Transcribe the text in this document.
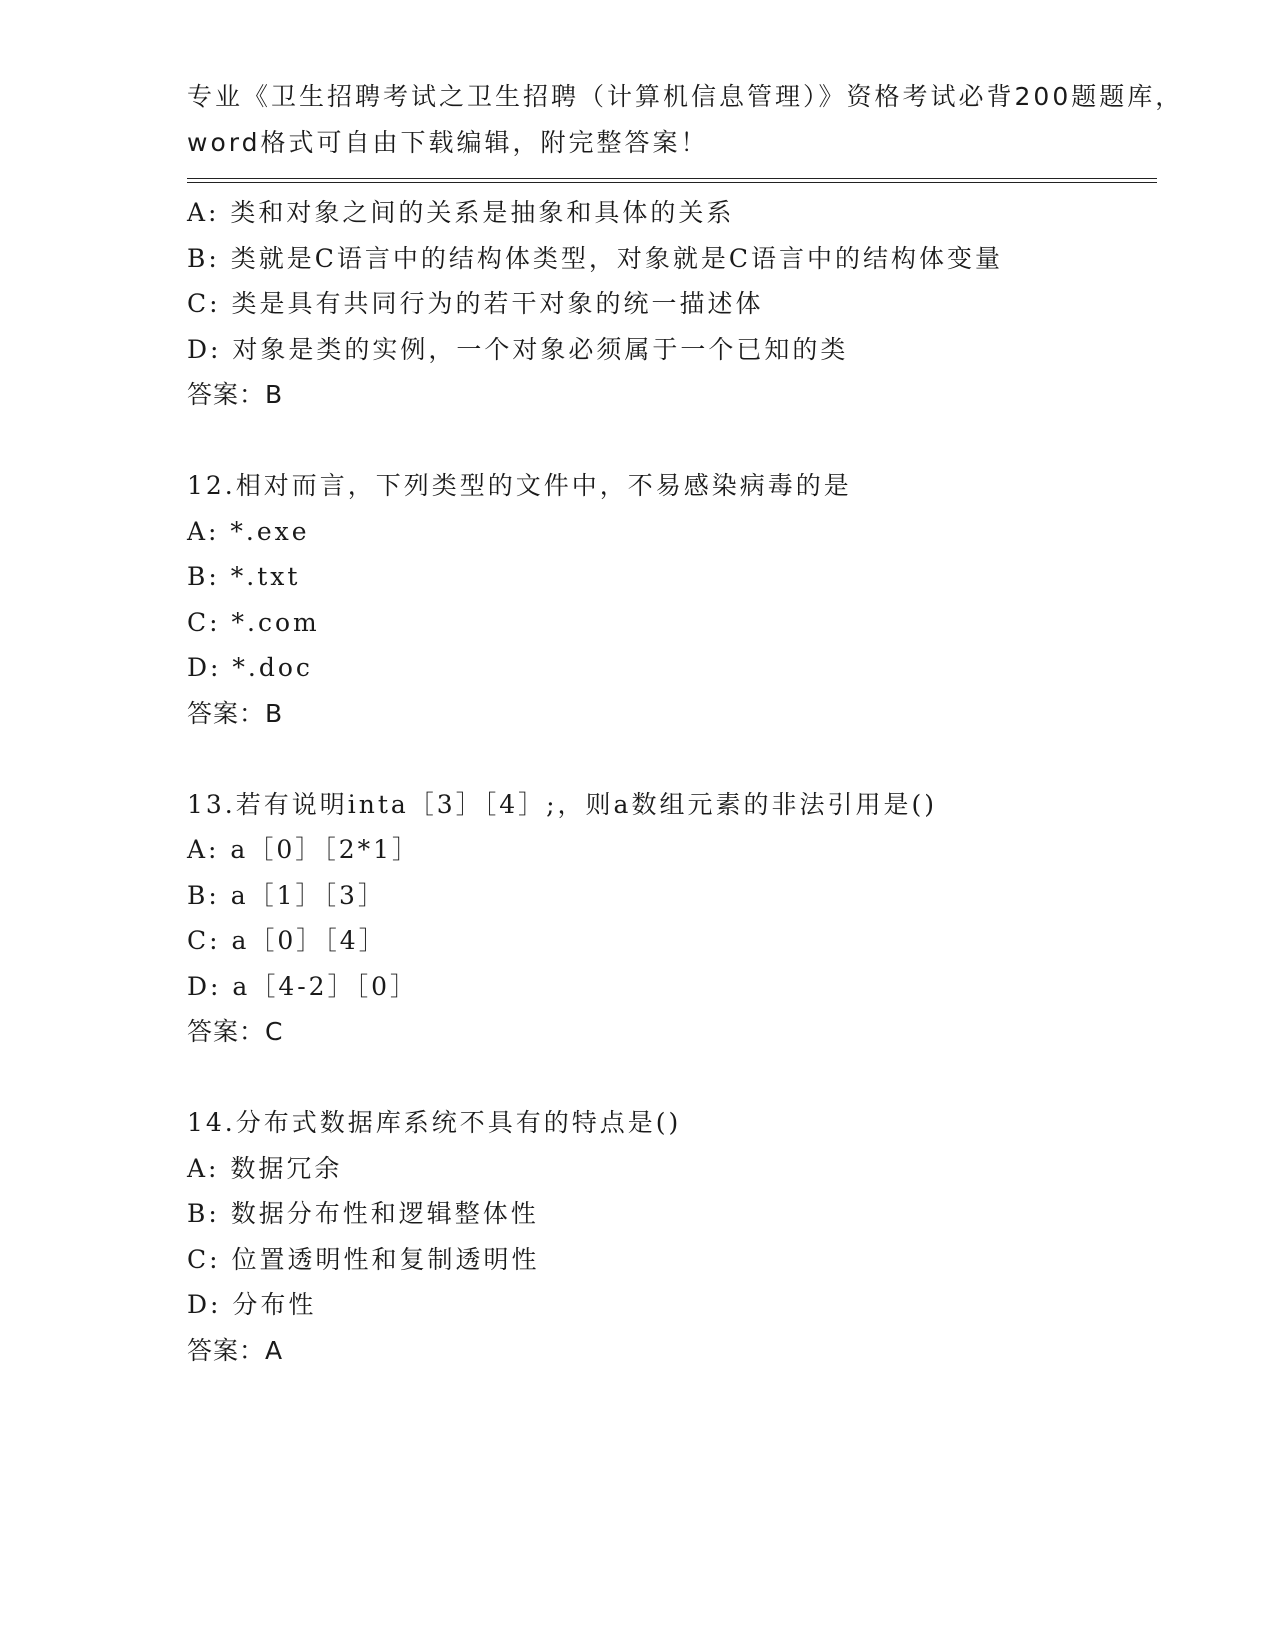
专业《卫生招聘考试之卫生招聘（计算机信息管理）》资格考试必背200题题库，
word格式可自由下载编辑，附完整答案！
A: 类和对象之间的关系是抽象和具体的关系
B: 类就是C语言中的结构体类型，对象就是C语言中的结构体变量
C: 类是具有共同行为的若干对象的统一描述体
D: 对象是类的实例，一个对象必须属于一个已知的类
答案：B
12.相对而言，下列类型的文件中，不易感染病毒的是
A: *.exe
B: *.txt
C: *.com
D: *.doc
答案：B
13.若有说明inta［3］［4］;，则a数组元素的非法引用是()
A: a［0］［2*1］
B: a［1］［3］
C: a［0］［4］
D: a［4-2］［0］
答案：C
14.分布式数据库系统不具有的特点是()
A: 数据冗余
B: 数据分布性和逻辑整体性
C: 位置透明性和复制透明性
D: 分布性
答案：A
